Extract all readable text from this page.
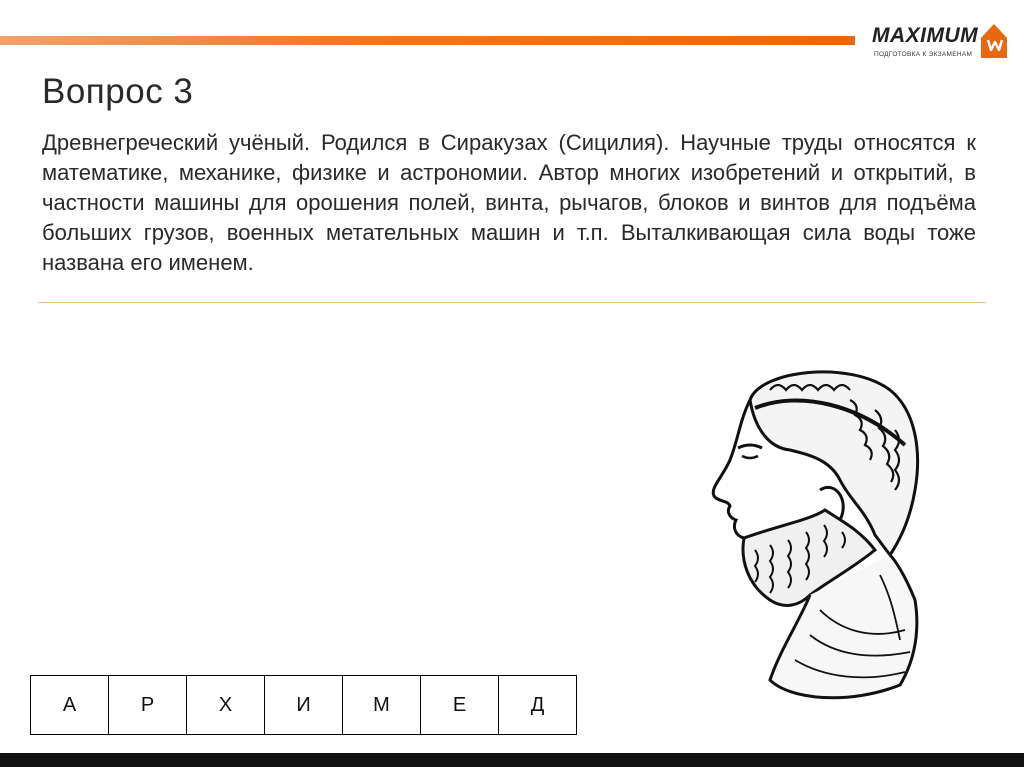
MAXIMUM
ПОДГОТОВКА К ЭКЗАМЕНАМ
Вопрос 3

Древнегреческий учёный. Родился в Сиракузах (Сицилия). Научные труды относятся к математике, механике, физике и астрономии. Автор многих изобретений и открытий, в частности машины для орошения полей, винта, рычагов, блоков и винтов для подъёма больших грузов, военных метательных машин и т.п. Выталкивающая сила воды тоже названа его именем.

А	Р	Х	И	М	Е	Д
